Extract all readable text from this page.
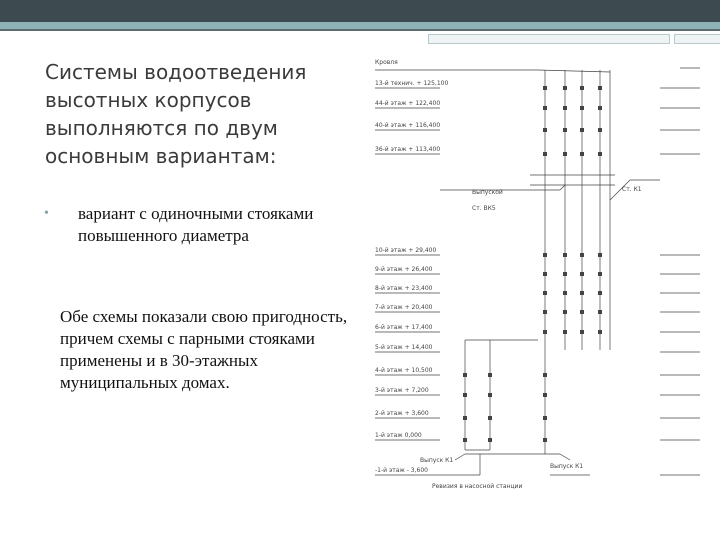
Системы водоотведения высотных корпусов выполняются по двум основным вариантам:
•	вариант с одиночными стояками повышенного диаметра
Обе схемы показали свою пригодность, причем схемы с парными стояками применены и в 30-этажных муниципальных домах.
Кровля
13-й технич. + 125,100
44-й этаж + 122,400
40-й этаж + 116,400
36-й этаж + 113,400
Выпуской
Ст. ВК5
Ст. К1
10-й этаж + 29,400
9-й этаж + 26,400
8-й этаж + 23,400
7-й этаж + 20,400
6-й этаж + 17,400
5-й этаж + 14,400
4-й этаж + 10,500
3-й этаж + 7,200
2-й этаж + 3,600
1-й этаж 0,000
-1-й этаж - 3,600
Выпуск К1
Выпуск К1
Ревизия в насосной станции
